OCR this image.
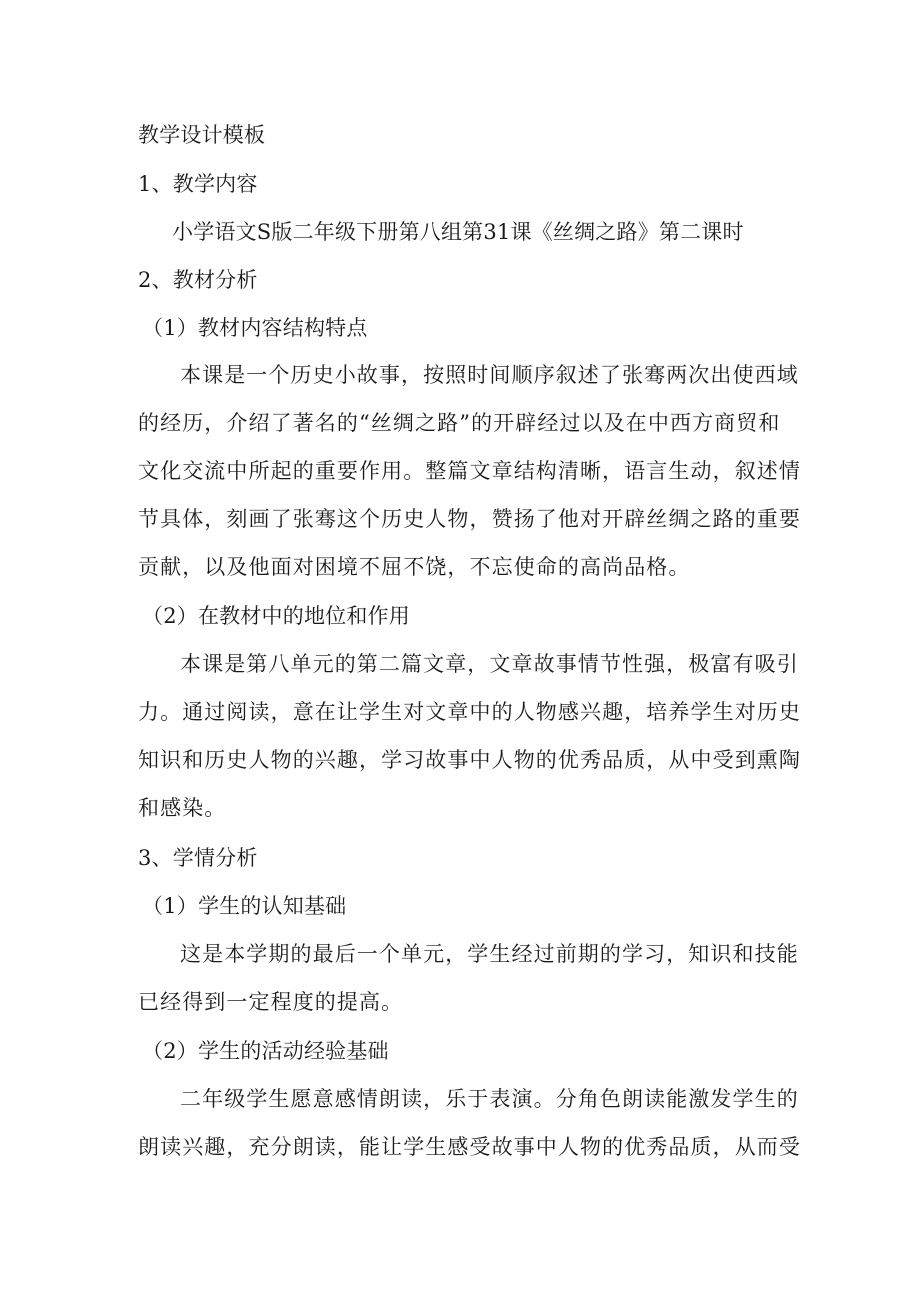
教学设计模板
1、教学内容
小学语文S版二年级下册第八组第31课《丝绸之路》第二课时
2、教材分析
（1）教材内容结构特点
本课是一个历史小故事，按照时间顺序叙述了张骞两次出使西域
的经历，介绍了著名的“丝绸之路”的开辟经过以及在中西方商贸和
文化交流中所起的重要作用。整篇文章结构清晰，语言生动，叙述情
节具体，刻画了张骞这个历史人物，赞扬了他对开辟丝绸之路的重要
贡献，以及他面对困境不屈不饶，不忘使命的高尚品格。
（2）在教材中的地位和作用
本课是第八单元的第二篇文章，文章故事情节性强，极富有吸引
力。通过阅读，意在让学生对文章中的人物感兴趣，培养学生对历史
知识和历史人物的兴趣，学习故事中人物的优秀品质，从中受到熏陶
和感染。
3、学情分析
（1）学生的认知基础
这是本学期的最后一个单元，学生经过前期的学习，知识和技能
已经得到一定程度的提高。
（2）学生的活动经验基础
二年级学生愿意感情朗读，乐于表演。分角色朗读能激发学生的
朗读兴趣，充分朗读，能让学生感受故事中人物的优秀品质，从而受
